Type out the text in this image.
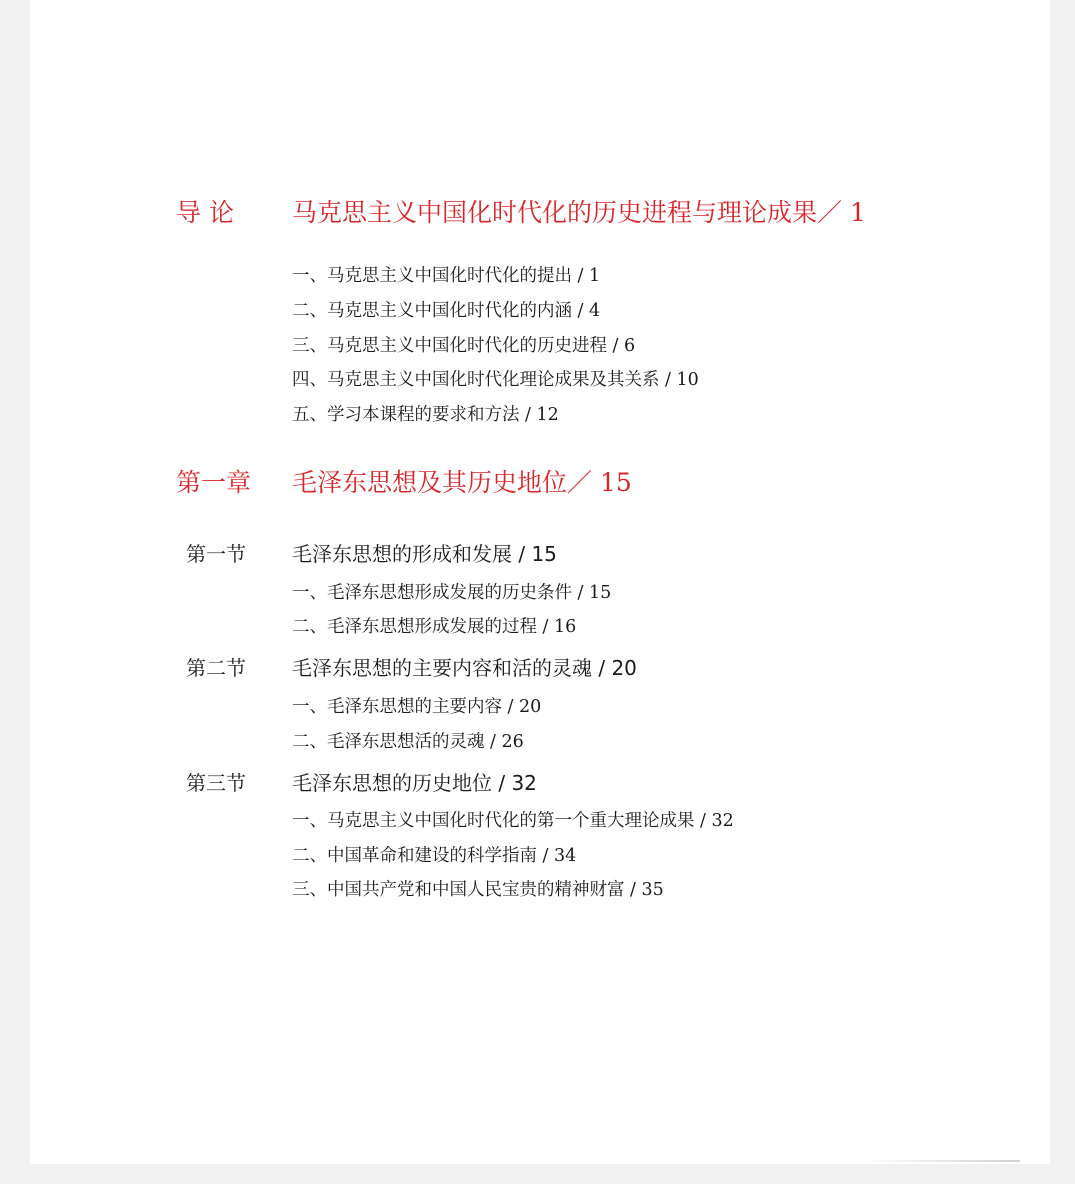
导 论 马克思主义中国化时代化的历史进程与理论成果／ 1
一、马克思主义中国化时代化的提出 / 1
二、马克思主义中国化时代化的内涵 / 4
三、马克思主义中国化时代化的历史进程 / 6
四、马克思主义中国化时代化理论成果及其关系 / 10
五、学习本课程的要求和方法 / 12
第一章 毛泽东思想及其历史地位／ 15
第一节 毛泽东思想的形成和发展 / 15
一、毛泽东思想形成发展的历史条件 / 15
二、毛泽东思想形成发展的过程 / 16
第二节 毛泽东思想的主要内容和活的灵魂 / 20
一、毛泽东思想的主要内容 / 20
二、毛泽东思想活的灵魂 / 26
第三节 毛泽东思想的历史地位 / 32
一、马克思主义中国化时代化的第一个重大理论成果 / 32
二、中国革命和建设的科学指南 / 34
三、中国共产党和中国人民宝贵的精神财富 / 35
